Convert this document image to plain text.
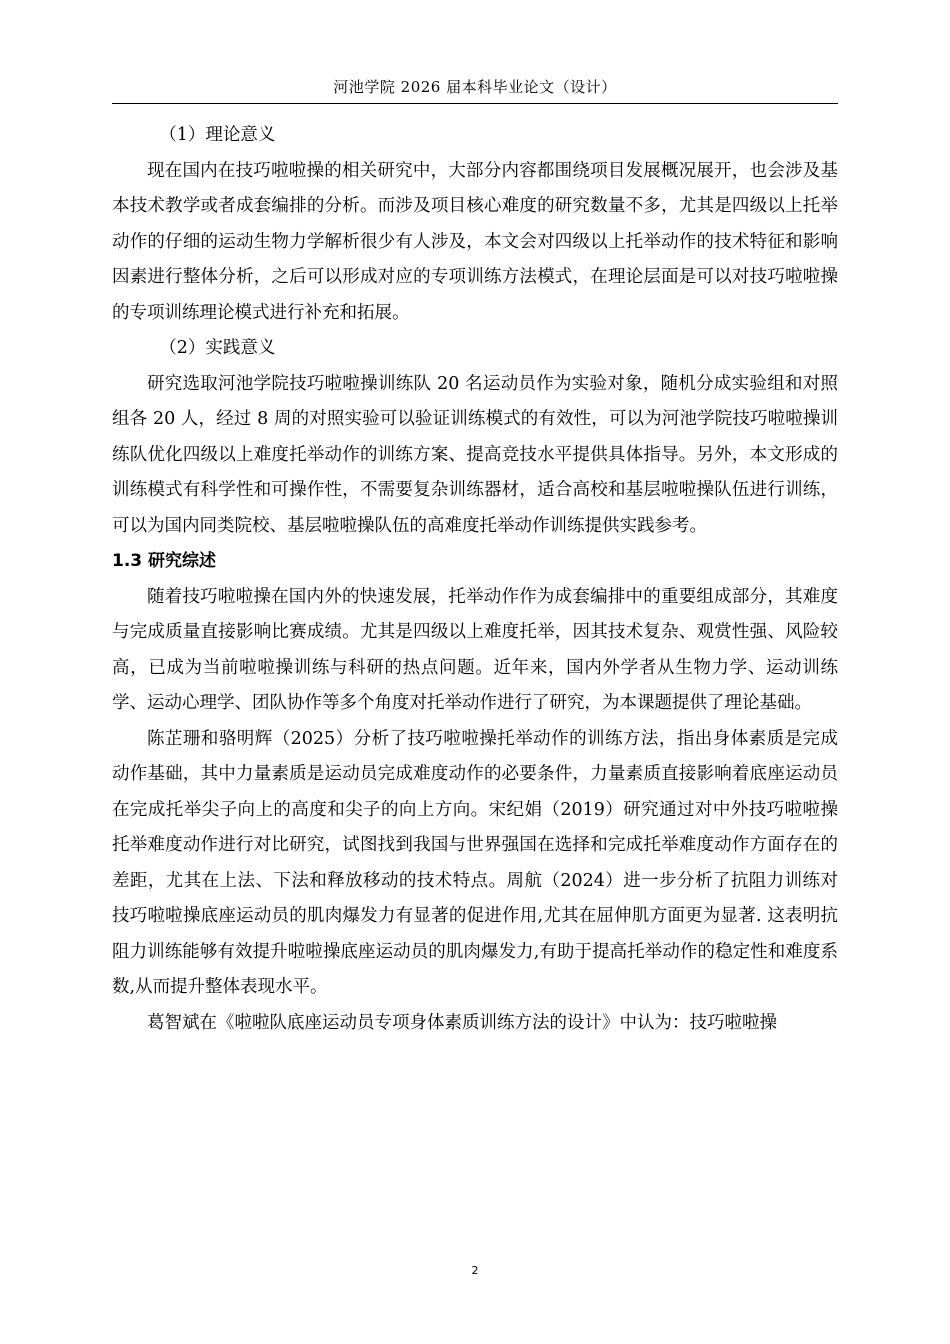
河池学院 2026 届本科毕业论文（设计）

（1）理论意义

现在国内在技巧啦啦操的相关研究中，大部分内容都围绕项目发展概况展开，也会涉及基本技术教学或者成套编排的分析。而涉及项目核心难度的研究数量不多，尤其是四级以上托举动作的仔细的运动生物力学解析很少有人涉及，本文会对四级以上托举动作的技术特征和影响因素进行整体分析，之后可以形成对应的专项训练方法模式，在理论层面是可以对技巧啦啦操的专项训练理论模式进行补充和拓展。

（2）实践意义

研究选取河池学院技巧啦啦操训练队 20 名运动员作为实验对象，随机分成实验组和对照组各 20 人，经过 8 周的对照实验可以验证训练模式的有效性，可以为河池学院技巧啦啦操训练队优化四级以上难度托举动作的训练方案、提高竞技水平提供具体指导。另外，本文形成的训练模式有科学性和可操作性，不需要复杂训练器材，适合高校和基层啦啦操队伍进行训练，可以为国内同类院校、基层啦啦操队伍的高难度托举动作训练提供实践参考。

1.3 研究综述

随着技巧啦啦操在国内外的快速发展，托举动作作为成套编排中的重要组成部分，其难度与完成质量直接影响比赛成绩。尤其是四级以上难度托举，因其技术复杂、观赏性强、风险较高，已成为当前啦啦操训练与科研的热点问题。近年来，国内外学者从生物力学、运动训练学、运动心理学、团队协作等多个角度对托举动作进行了研究，为本课题提供了理论基础。

陈芷珊和骆明辉（2025）分析了技巧啦啦操托举动作的训练方法，指出身体素质是完成动作基础，其中力量素质是运动员完成难度动作的必要条件，力量素质直接影响着底座运动员在完成托举尖子向上的高度和尖子的向上方向。宋纪娟（2019）研究通过对中外技巧啦啦操托举难度动作进行对比研究，试图找到我国与世界强国在选择和完成托举难度动作方面存在的差距，尤其在上法、下法和释放移动的技术特点。周航（2024）进一步分析了抗阻力训练对技巧啦啦操底座运动员的肌肉爆发力有显著的促进作用,尤其在屈伸肌方面更为显著. 这表明抗阻力训练能够有效提升啦啦操底座运动员的肌肉爆发力,有助于提高托举动作的稳定性和难度系数,从而提升整体表现水平。

葛智斌在《啦啦队底座运动员专项身体素质训练方法的设计》中认为：技巧啦啦操

2
